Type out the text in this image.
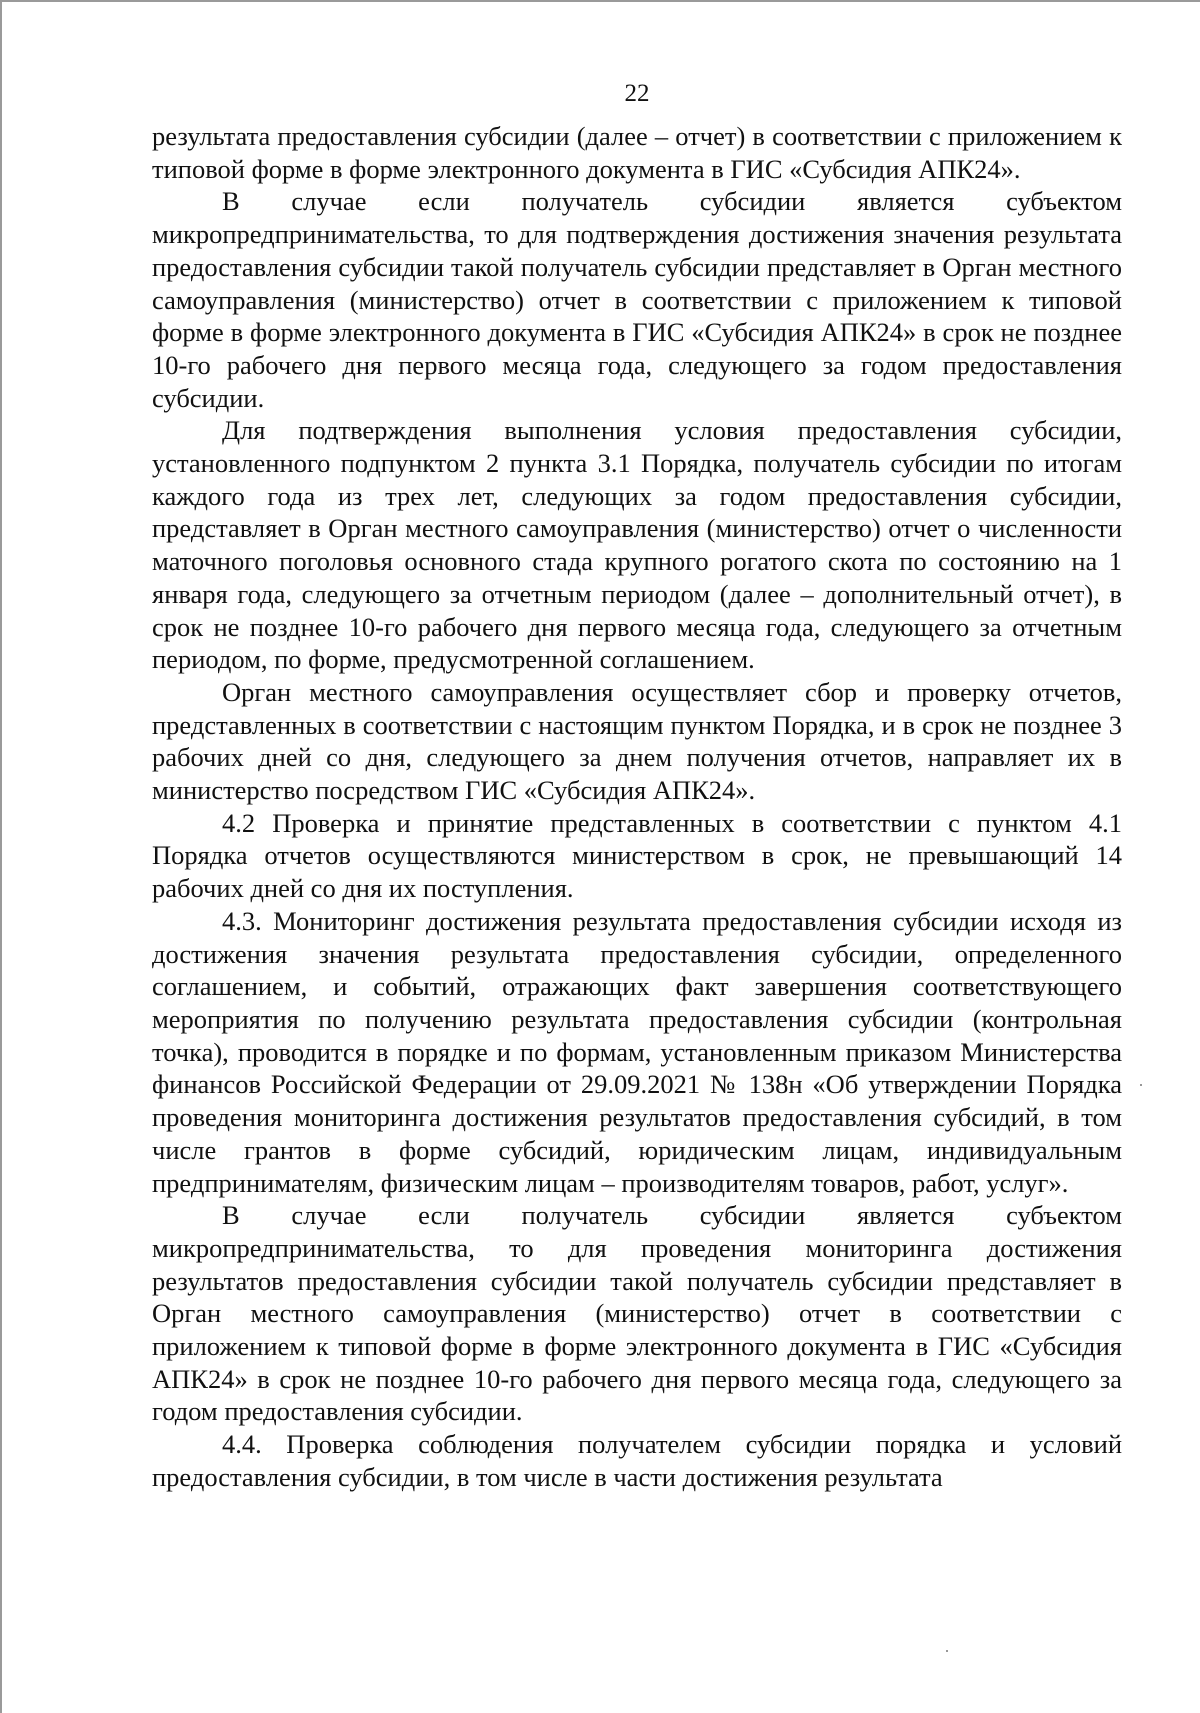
22

результата предоставления субсидии (далее – отчет) в соответствии с приложением к типовой форме в форме электронного документа в ГИС «Субсидия АПК24».

В случае если получатель субсидии является субъектом микропредпринимательства, то для подтверждения достижения значения результата предоставления субсидии такой получатель субсидии представляет в Орган местного самоуправления (министерство) отчет в соответствии с приложением к типовой форме в форме электронного документа в ГИС «Субсидия АПК24» в срок не позднее 10-го рабочего дня первого месяца года, следующего за годом предоставления субсидии.

Для подтверждения выполнения условия предоставления субсидии, установленного подпунктом 2 пункта 3.1 Порядка, получатель субсидии по итогам каждого года из трех лет, следующих за годом предоставления субсидии, представляет в Орган местного самоуправления (министерство) отчет о численности маточного поголовья основного стада крупного рогатого скота по состоянию на 1 января года, следующего за отчетным периодом (далее – дополнительный отчет), в срок не позднее 10-го рабочего дня первого месяца года, следующего за отчетным периодом, по форме, предусмотренной соглашением.

Орган местного самоуправления осуществляет сбор и проверку отчетов, представленных в соответствии с настоящим пунктом Порядка, и в срок не позднее 3 рабочих дней со дня, следующего за днем получения отчетов, направляет их в министерство посредством ГИС «Субсидия АПК24».

4.2 Проверка и принятие представленных в соответствии с пунктом 4.1 Порядка отчетов осуществляются министерством в срок, не превышающий 14 рабочих дней со дня их поступления.

4.3. Мониторинг достижения результата предоставления субсидии исходя из достижения значения результата предоставления субсидии, определенного соглашением, и событий, отражающих факт завершения соответствующего мероприятия по получению результата предоставления субсидии (контрольная точка), проводится в порядке и по формам, установленным приказом Министерства финансов Российской Федерации от 29.09.2021 № 138н «Об утверждении Порядка проведения мониторинга достижения результатов предоставления субсидий, в том числе грантов в форме субсидий, юридическим лицам, индивидуальным предпринимателям, физическим лицам – производителям товаров, работ, услуг».

В случае если получатель субсидии является субъектом микропредпринимательства, то для проведения мониторинга достижения результатов предоставления субсидии такой получатель субсидии представляет в Орган местного самоуправления (министерство) отчет в соответствии с приложением к типовой форме в форме электронного документа в ГИС «Субсидия АПК24» в срок не позднее 10-го рабочего дня первого месяца года, следующего за годом предоставления субсидии.

4.4. Проверка соблюдения получателем субсидии порядка и условий предоставления субсидии, в том числе в части достижения результата
